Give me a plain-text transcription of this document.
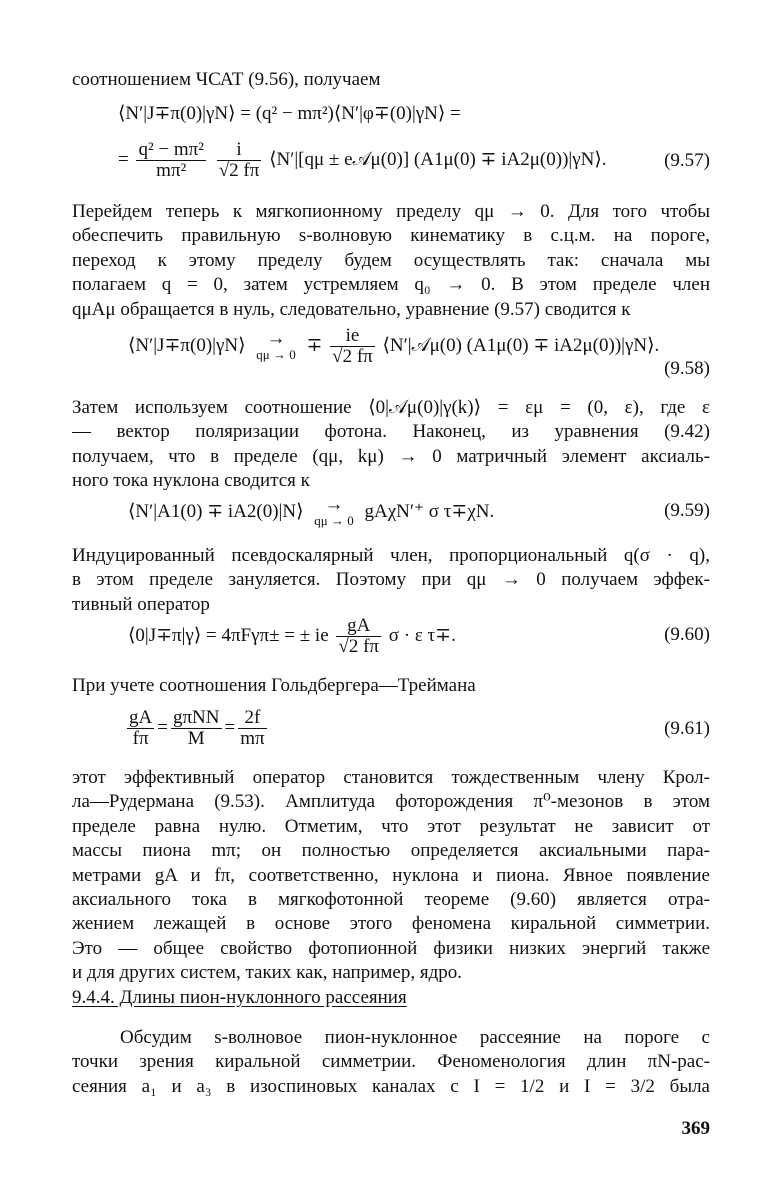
соотношением ЧСАТ (9.56), получаем
⟨N′|J∓π(0)|γN⟩ = (q² − mπ²)⟨N′|φ∓(0)|γN⟩ =
= $\frac{\text{q² − mπ²}}{\text{mπ²}}$
$\frac{i}{√2 f\pi}$ ⟨N′|[qμ ± e𝒜μ(0)] (A1μ(0) ∓ iA2μ(0))|γN⟩.	(9.57)

Перейдем теперь к мягкопионному пределу qμ → 0. Для того чтобы
обеспечить правильную s-волновую кинематику в с.ц.м. на пороге,
переход к этому пределу будем осуществлять так: сначала мы
полагаем q = 0, затем устремляем q₀ → 0. В этом пределе член
qμAμ обращается в нуль, следовательно, уравнение (9.57) сводится к

⟨N′|J∓π(0)|γN⟩	→
$q\mu \to 0 \mp \frac{ie}{√2 f\pi}$ ⟨N′|𝒜μ(0) (A1μ(0) ∓ iA2μ(0))|γN⟩.
(9.58)

Затем используем соотношение ⟨0|𝒜μ(0)|γ(k)⟩ = εμ = (0, ε), где ε
— вектор поляризации фотона. Наконец, из уравнения (9.42)
получаем, что в пределе (qμ, kμ) → 0 матричный элемент аксиаль-
ного тока нуклона сводится к

⟨N′|A1(0) ∓ iA2(0)|N⟩	→
qμ → 0 gAχN′⁺ σ τ∓χN.	(9.59)

Индуцированный псевдоскалярный член, пропорциональный q(σ · q),
в этом пределе зануляется. Поэтому при qμ → 0 получаем эффек-
тивный оператор

⟨0|J∓π|γ⟩ = 4πFγπ± = ± ie $\frac{gA}{√2 f\pi}$ σ · ε τ∓.	(9.60)
При учете соотношения Гольдбергера—Треймана
$\frac{gA}{f\pi} = \frac{\text{gπNN}}{M} = \frac{2f}{m\pi}$	(9.61)

этот эффективный оператор становится тождественным члену Крол-
ла—Рудермана (9.53). Амплитуда фоторождения π⁰-мезонов в этом
пределе равна нулю. Отметим, что этот результат не зависит от
массы пиона mπ; он полностью определяется аксиальными пара-
метрами gA и fπ, соответственно, нуклона и пиона. Явное появление
аксиального тока в мягкофотонной теореме (9.60) является отра-
жением лежащей в основе этого феномена киральной симметрии.
Это — общее свойство фотопионной физики низких энергий также
и для других систем, таких как, например, ядро.

9.4.4. Длины пион-нуклонного рассеяния

Обсудим s-волновое пион-нуклонное рассеяние на пороге с
точки зрения киральной симметрии. Феноменология длин πN-рас-
сеяния a₁ и a₃ в изоспиновых каналах с I = 1/2 и I = 3/2 была

369
